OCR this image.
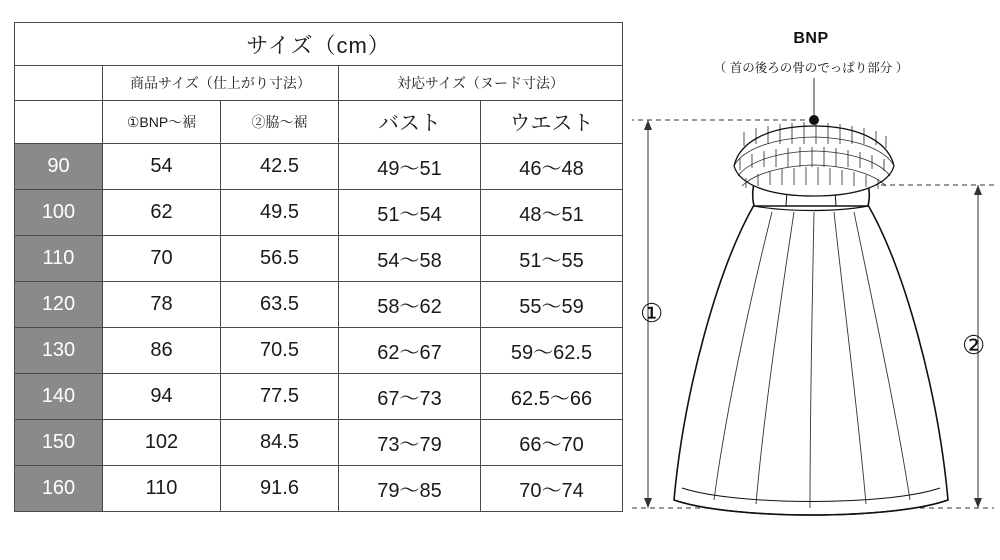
サイズ（cm）				
	商品サイズ（仕上がり寸法）		対応サイズ（ヌード寸法）	
	①BNP〜裾	②脇〜裾	バスト	ウエスト
90	54	42.5	49〜51	46〜48
100	62	49.5	51〜54	48〜51
110	70	56.5	54〜58	51〜55
120	78	63.5	58〜62	55〜59
130	86	70.5	62〜67	59〜62.5
140	94	77.5	67〜73	62.5〜66
150	102	84.5	73〜79	66〜70
160	110	91.6	79〜85	70〜74
BNP
（ 首の後ろの骨のでっぱり部分 ）
①
②
